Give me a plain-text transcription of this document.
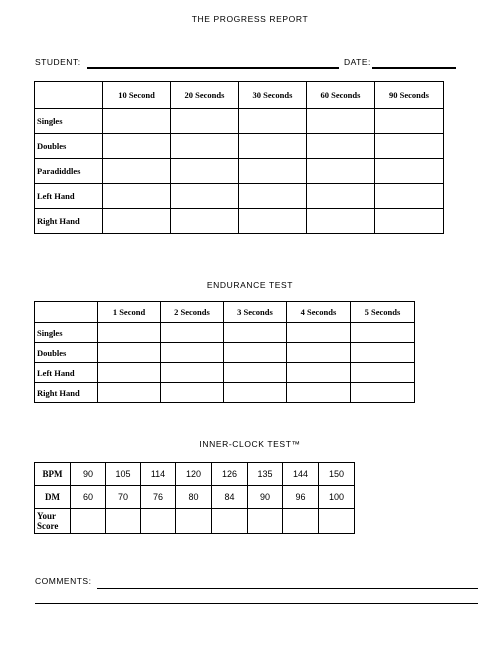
THE PROGRESS REPORT
STUDENT:	DATE:
	10 Second	20 Seconds	30 Seconds	60 Seconds	90 Seconds
Singles					
Doubles					
Paradiddles					
Left Hand					
Right Hand					
ENDURANCE TEST
	1 Second	2 Seconds	3 Seconds	4 Seconds	5 Seconds
Singles					
Doubles					
Left Hand					
Right Hand					
INNER-CLOCK TEST™
BPM	90	105	114	120	126	135	144	150
DM	60	70	76	80	84	90	96	100
Your Score								
COMMENTS:
